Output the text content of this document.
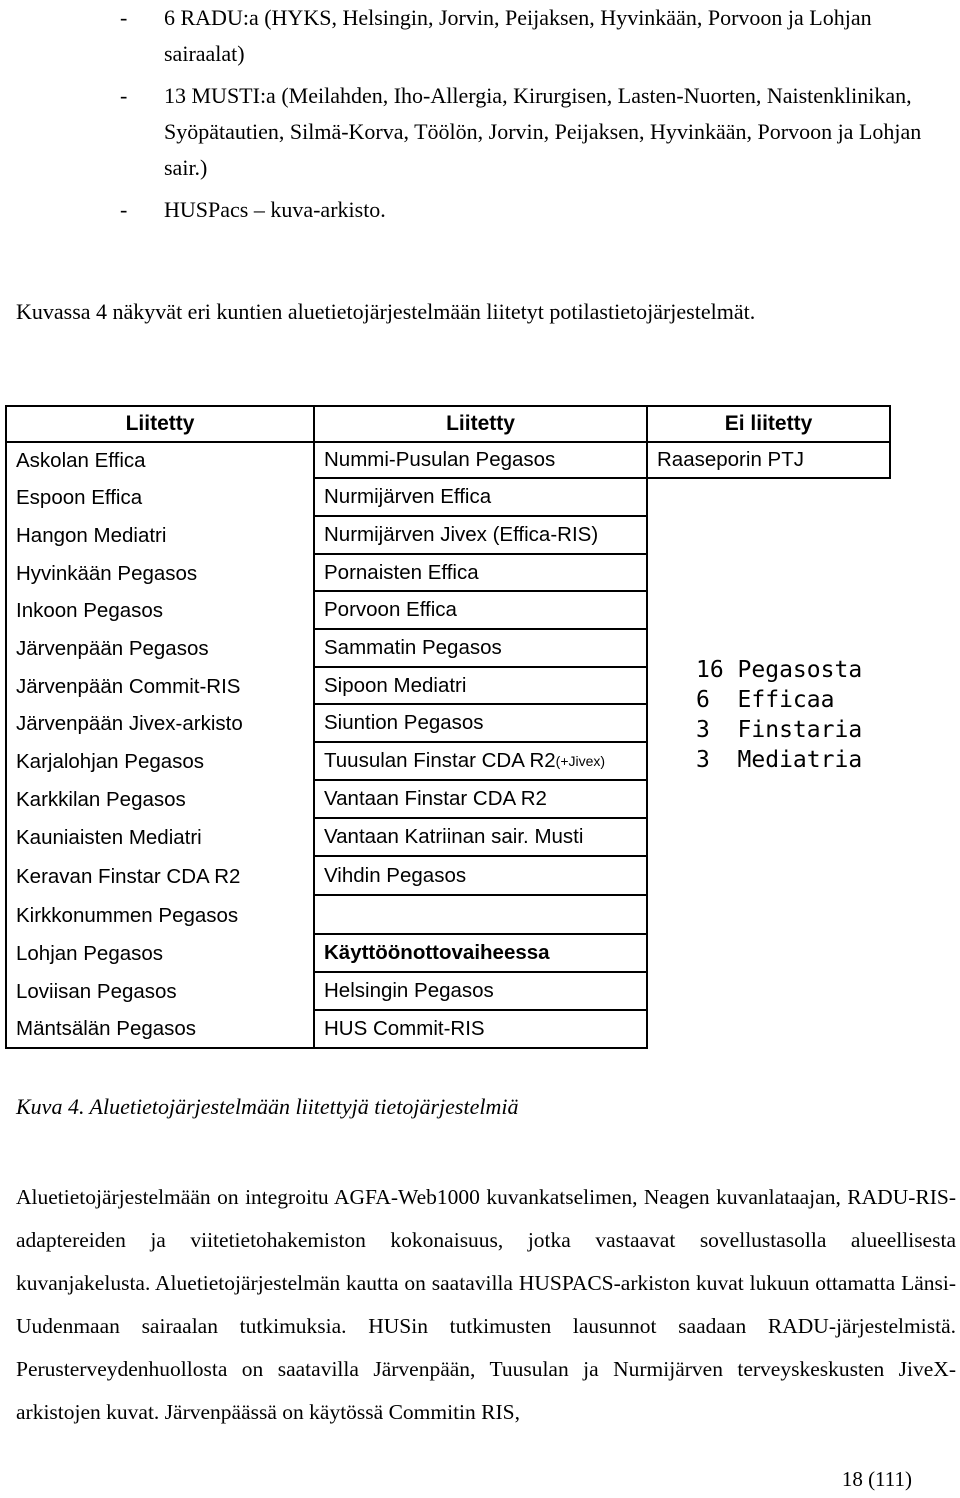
-	6 RADU:a (HYKS, Helsingin, Jorvin, Peijaksen, Hyvinkään, Porvoon ja Lohjan sairaalat)
-	13 MUSTI:a (Meilahden, Iho-Allergia, Kirurgisen, Lasten-Nuorten, Naistenklinikan, Syöpätautien, Silmä-Korva, Töölön, Jorvin, Peijaksen, Hyvinkään, Porvoon ja Lohjan sair.)
-	HUSPacs – kuva-arkisto.
Kuvassa 4 näkyvät eri kuntien aluetietojärjestelmään liitetyt potilastietojärjestelmät.
Liitetty	Liitetty	Ei liitetty
Askolan Effica	Nummi-Pusulan Pegasos	Raaseporin PTJ
Espoon Effica	Nurmijärven Effica
Hangon Mediatri	Nurmijärven Jivex (Effica-RIS)
Hyvinkään Pegasos	Pornaisten Effica
Inkoon Pegasos	Porvoon Effica
Järvenpään Pegasos	Sammatin Pegasos
Järvenpään Commit-RIS	Sipoon Mediatri
Järvenpään Jivex-arkisto	Siuntion Pegasos
Karjalohjan Pegasos	Tuusulan Finstar CDA R2 (+Jivex)
Karkkilan Pegasos	Vantaan Finstar CDA R2
Kauniaisten Mediatri	Vantaan Katriinan sair. Musti
Keravan Finstar CDA R2	Vihdin Pegasos
Kirkkonummen Pegasos
Lohjan Pegasos	Käyttöönottovaiheessa
Loviisan Pegasos	Helsingin Pegasos
Mäntsälän Pegasos	HUS Commit-RIS
16 Pegasosta
6  Efficaa
3  Finstaria
3  Mediatria
Kuva 4. Aluetietojärjestelmään liitettyjä tietojärjestelmiä
Aluetietojärjestelmään on integroitu AGFA-Web1000 kuvankatselimen, Neagen kuvanlataajan, RADU-RIS-adaptereiden ja viitetietohakemiston kokonaisuus, jotka vastaavat sovellustasolla alueellisesta kuvanjakelusta. Aluetietojärjestelmän kautta on saatavilla HUSPACS-arkiston kuvat lukuun ottamatta Länsi-Uudenmaan sairaalan tutkimuksia. HUSin tutkimusten lausunnot saadaan RADU-järjestelmistä. Perusterveydenhuollosta on saatavilla Järvenpään, Tuusulan ja Nurmijärven terveyskeskusten JiveX-arkistojen kuvat. Järvenpäässä on käytössä Commitin RIS,
18 (111)
